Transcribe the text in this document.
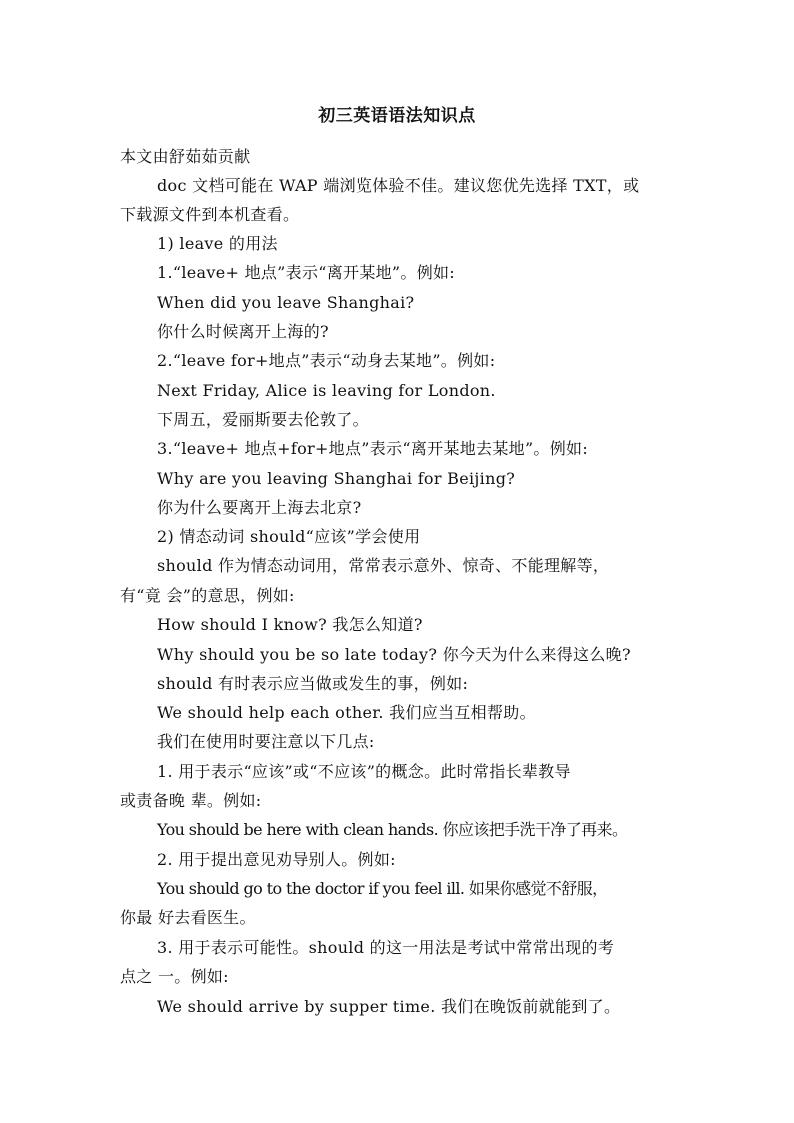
初三英语语法知识点
本文由舒茹茹贡献
doc 文档可能在 WAP 端浏览体验不佳。建议您优先选择 TXT，或
下载源文件到本机查看。
1) leave 的用法
1.“leave+ 地点”表示“离开某地”。例如:
When did you leave Shanghai?
你什么时候离开上海的?
2.“leave for+地点”表示“动身去某地”。例如:
Next Friday, Alice is leaving for London.
下周五，爱丽斯要去伦敦了。
3.“leave+ 地点+for+地点”表示“离开某地去某地”。例如:
Why are you leaving Shanghai for Beijing?
你为什么要离开上海去北京?
2) 情态动词 should“应该”学会使用
should 作为情态动词用，常常表示意外、惊奇、不能理解等，
有“竟 会”的意思，例如:
How should I know? 我怎么知道?
Why should you be so late today? 你今天为什么来得这么晚?
should 有时表示应当做或发生的事，例如:
We should help each other. 我们应当互相帮助。
我们在使用时要注意以下几点:
1. 用于表示“应该”或“不应该”的概念。此时常指长辈教导
或责备晚 辈。例如:
You should be here with clean hands. 你应该把手洗干净了再来。
2. 用于提出意见劝导别人。例如:
You should go to the doctor if you feel ill. 如果你感觉不舒服，
你最 好去看医生。
3. 用于表示可能性。should 的这一用法是考试中常常出现的考
点之 一。例如:
We should arrive by supper time. 我们在晚饭前就能到了。
